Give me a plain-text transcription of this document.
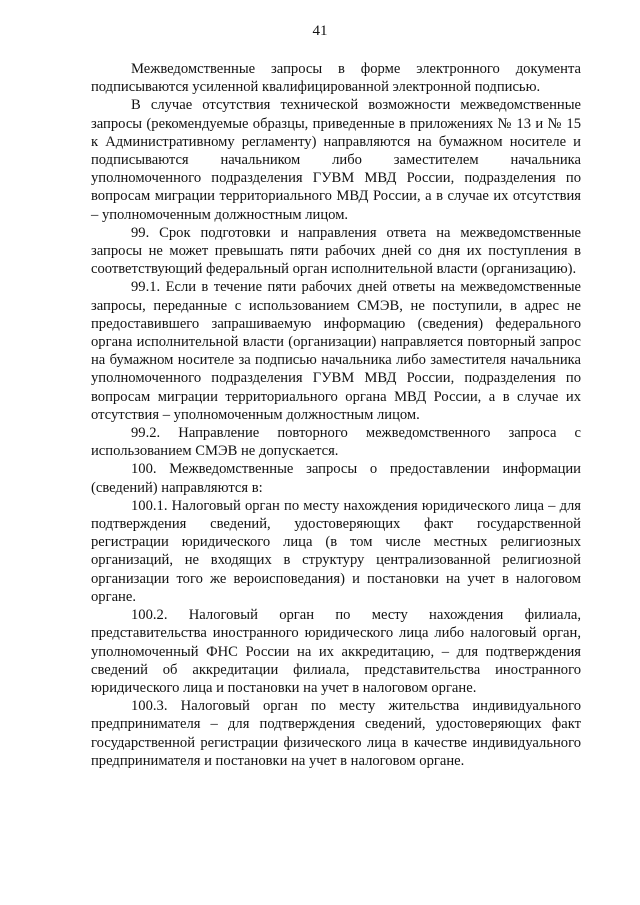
41

Межведомственные запросы в форме электронного документа подписываются усиленной квалифицированной электронной подписью.

В случае отсутствия технической возможности межведомственные запросы (рекомендуемые образцы, приведенные в приложениях № 13 и № 15 к Административному регламенту) направляются на бумажном носителе и подписываются начальником либо заместителем начальника уполномоченного подразделения ГУВМ МВД России, подразделения по вопросам миграции территориального МВД России, а в случае их отсутствия – уполномоченным должностным лицом.

99. Срок подготовки и направления ответа на межведомственные запросы не может превышать пяти рабочих дней со дня их поступления в соответствующий федеральный орган исполнительной власти (организацию).

99.1. Если в течение пяти рабочих дней ответы на межведомственные запросы, переданные с использованием СМЭВ, не поступили, в адрес не предоставившего запрашиваемую информацию (сведения) федерального органа исполнительной власти (организации) направляется повторный запрос на бумажном носителе за подписью начальника либо заместителя начальника уполномоченного подразделения ГУВМ МВД России, подразделения по вопросам миграции территориального органа МВД России, а в случае их отсутствия – уполномоченным должностным лицом.

99.2. Направление повторного межведомственного запроса с использованием СМЭВ не допускается.

100. Межведомственные запросы о предоставлении информации (сведений) направляются в:

100.1. Налоговый орган по месту нахождения юридического лица – для подтверждения сведений, удостоверяющих факт государственной регистрации юридического лица (в том числе местных религиозных организаций, не входящих в структуру централизованной религиозной организации того же вероисповедания) и постановки на учет в налоговом органе.

100.2. Налоговый орган по месту нахождения филиала, представительства иностранного юридического лица либо налоговый орган, уполномоченный ФНС России на их аккредитацию, – для подтверждения сведений об аккредитации филиала, представительства иностранного юридического лица и постановки на учет в налоговом органе.

100.3. Налоговый орган по месту жительства индивидуального предпринимателя – для подтверждения сведений, удостоверяющих факт государственной регистрации физического лица в качестве индивидуального предпринимателя и постановки на учет в налоговом органе.
